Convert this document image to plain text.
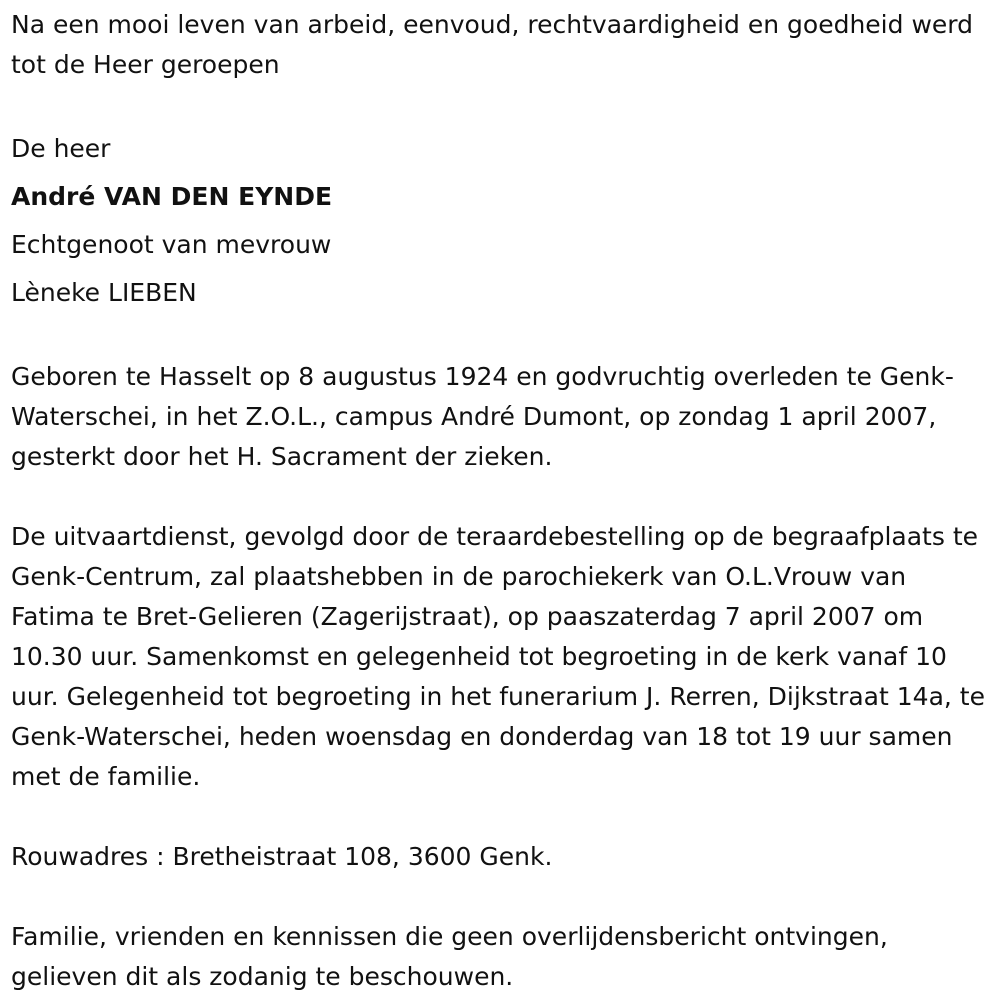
Na een mooi leven van arbeid, eenvoud, rechtvaardigheid en goedheid werd tot de Heer geroepen

De heer

André VAN DEN EYNDE

Echtgenoot van mevrouw

Lèneke LIEBEN

Geboren te Hasselt op 8 augustus 1924 en godvruchtig overleden te Genk-Waterschei, in het Z.O.L., campus André Dumont, op zondag 1 april 2007, gesterkt door het H. Sacrament der zieken.

De uitvaartdienst, gevolgd door de teraardebestelling op de begraafplaats te Genk-Centrum, zal plaatshebben in de parochiekerk van O.L.Vrouw van Fatima te Bret-Gelieren (Zagerijstraat), op paaszaterdag 7 april 2007 om 10.30 uur. Samenkomst en gelegenheid tot begroeting in de kerk vanaf 10 uur. Gelegenheid tot begroeting in het funerarium J. Rerren, Dijkstraat 14a, te Genk-Waterschei, heden woensdag en donderdag van 18 tot 19 uur samen met de familie.

Rouwadres : Bretheistraat 108, 3600 Genk.

Familie, vrienden en kennissen die geen overlijdensbericht ontvingen, gelieven dit als zodanig te beschouwen.
